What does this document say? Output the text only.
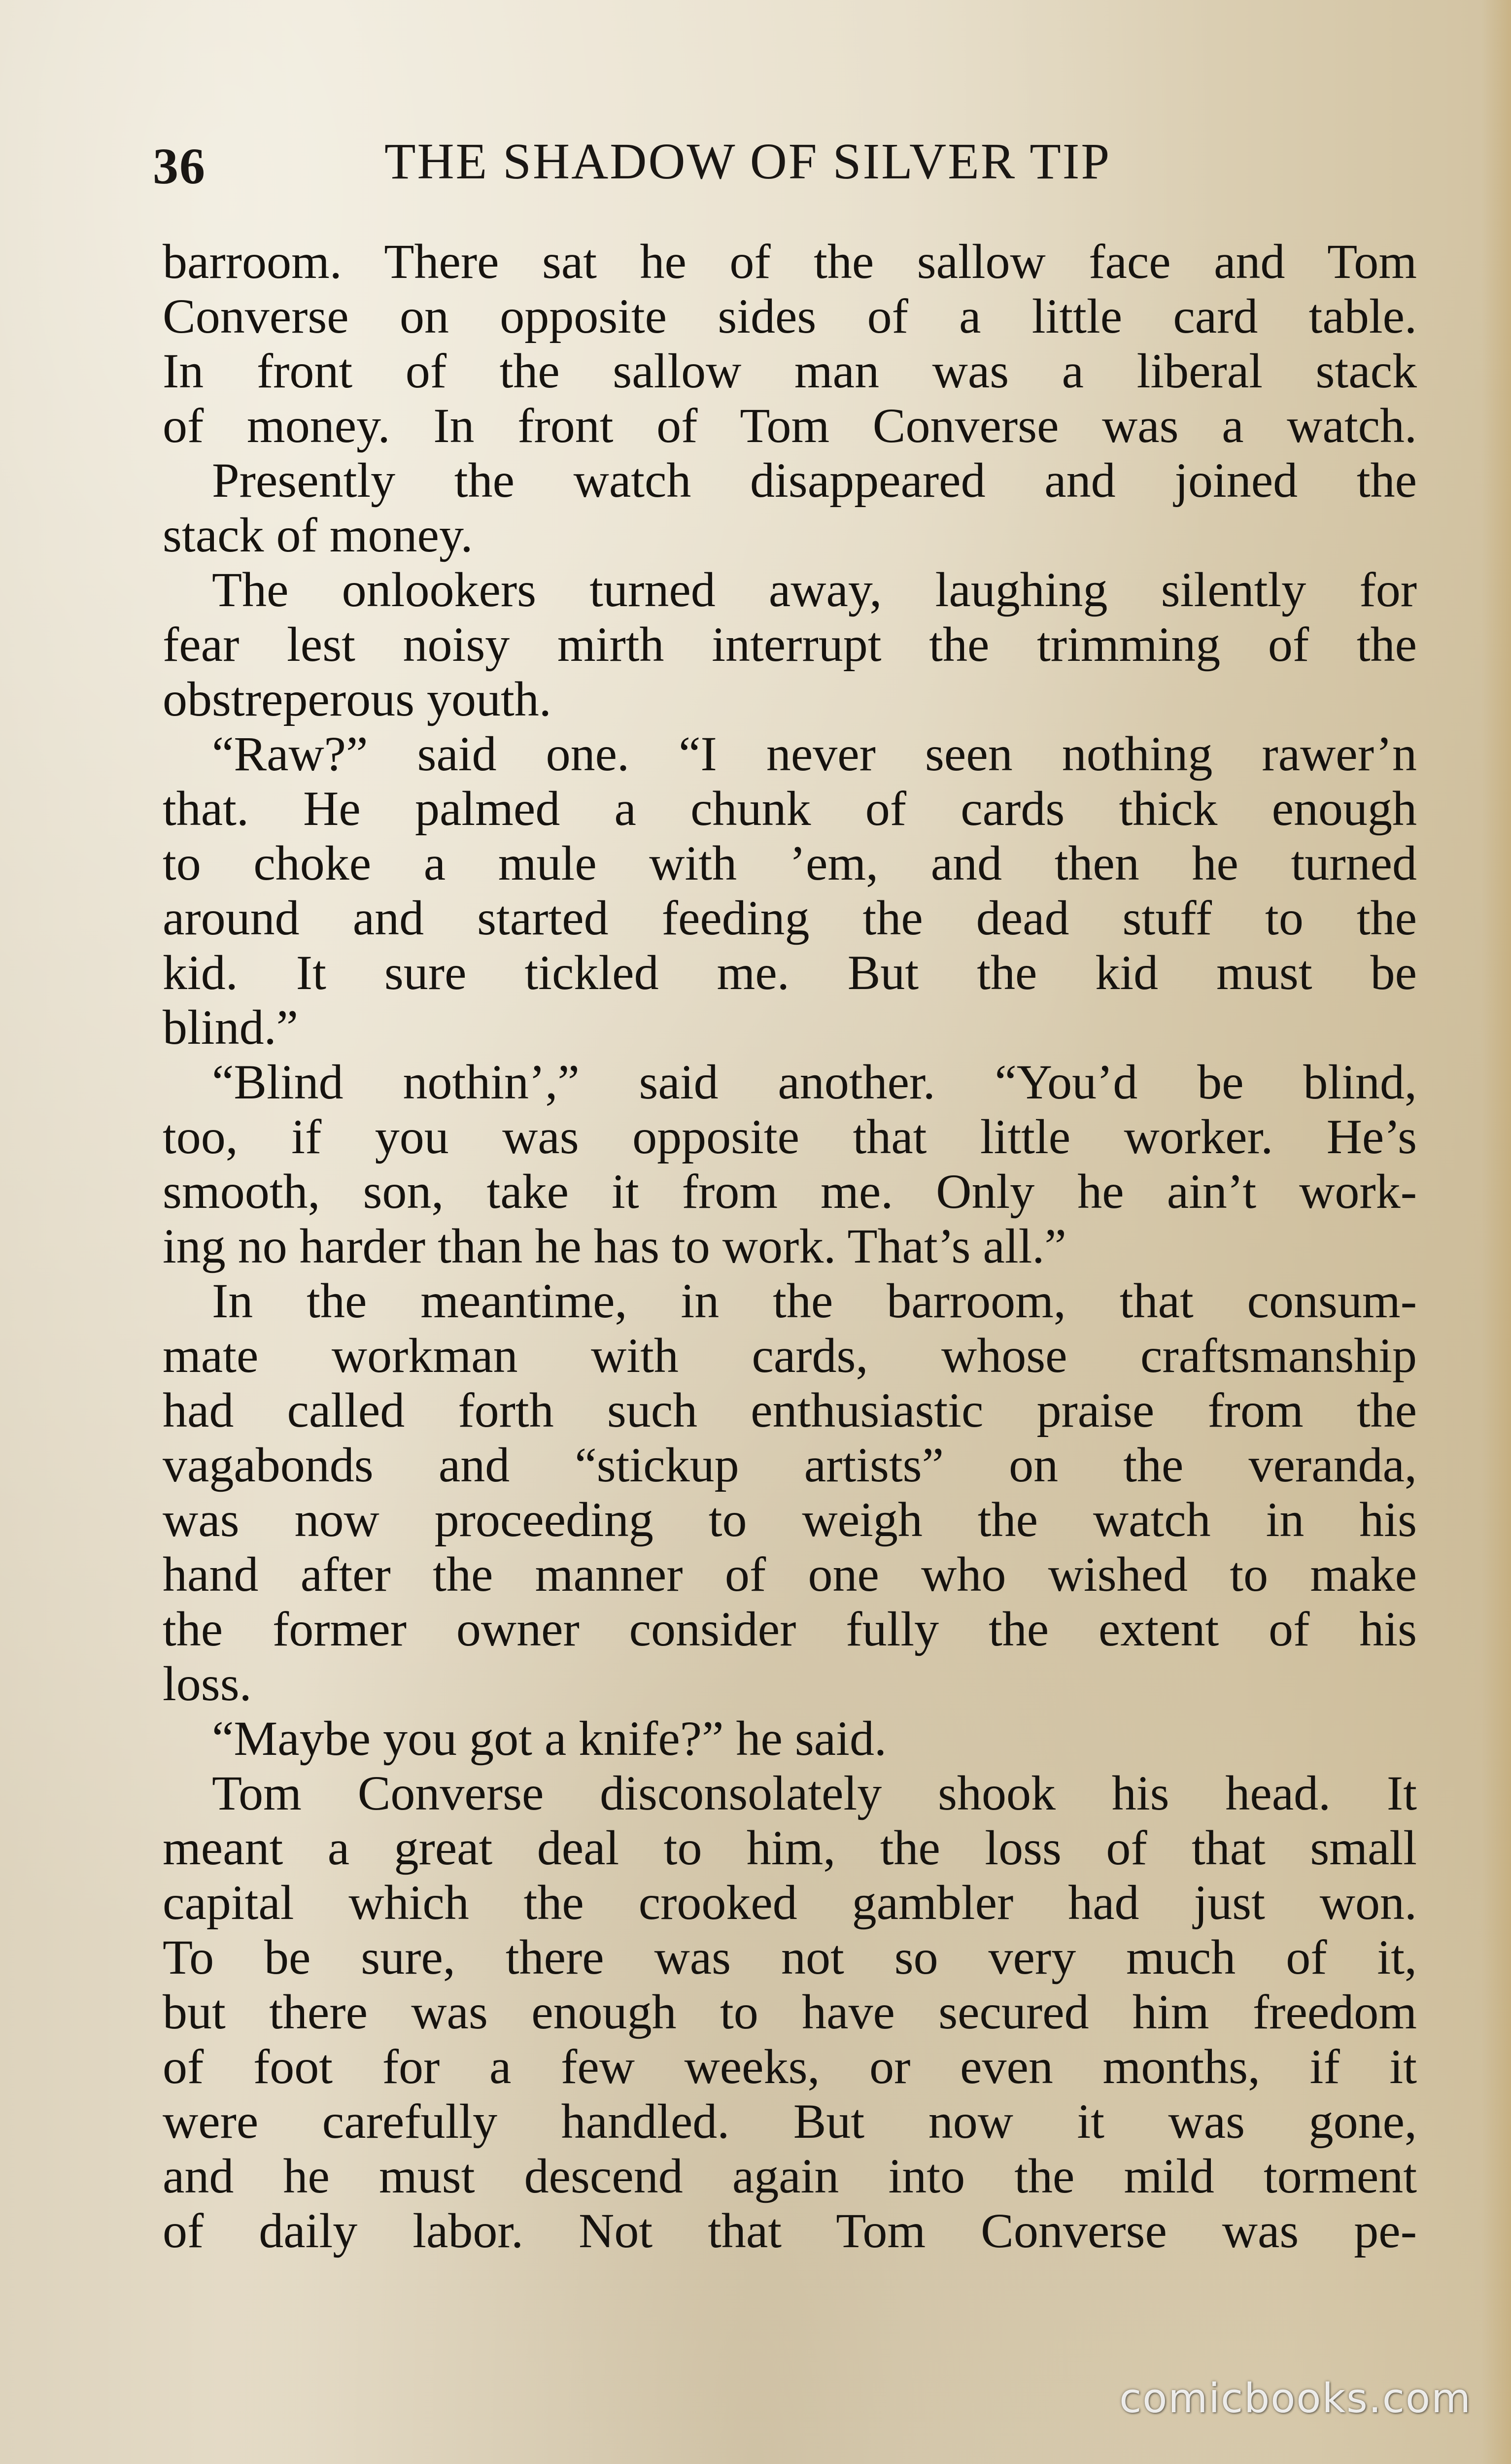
36	THE SHADOW OF SILVER TIP
barroom. There sat he of the sallow face and Tom
Converse on opposite sides of a little card table.
In front of the sallow man was a liberal stack
of money. In front of Tom Converse was a watch.
Presently the watch disappeared and joined the
stack of money.
The onlookers turned away, laughing silently for
fear lest noisy mirth interrupt the trimming of the
obstreperous youth.
“Raw?” said one. “I never seen nothing rawer’n
that. He palmed a chunk of cards thick enough
to choke a mule with ’em, and then he turned
around and started feeding the dead stuff to the
kid. It sure tickled me. But the kid must be
blind.”
“Blind nothin’,” said another. “You’d be blind,
too, if you was opposite that little worker. He’s
smooth, son, take it from me. Only he ain’t work-
ing no harder than he has to work. That’s all.”
In the meantime, in the barroom, that consum-
mate workman with cards, whose craftsmanship
had called forth such enthusiastic praise from the
vagabonds and “stickup artists” on the veranda,
was now proceeding to weigh the watch in his
hand after the manner of one who wished to make
the former owner consider fully the extent of his
loss.
“Maybe you got a knife?” he said.
Tom Converse disconsolately shook his head. It
meant a great deal to him, the loss of that small
capital which the crooked gambler had just won.
To be sure, there was not so very much of it,
but there was enough to have secured him freedom
of foot for a few weeks, or even months, if it
were carefully handled. But now it was gone,
and he must descend again into the mild torment
of daily labor. Not that Tom Converse was pe-
comicbooks.com
